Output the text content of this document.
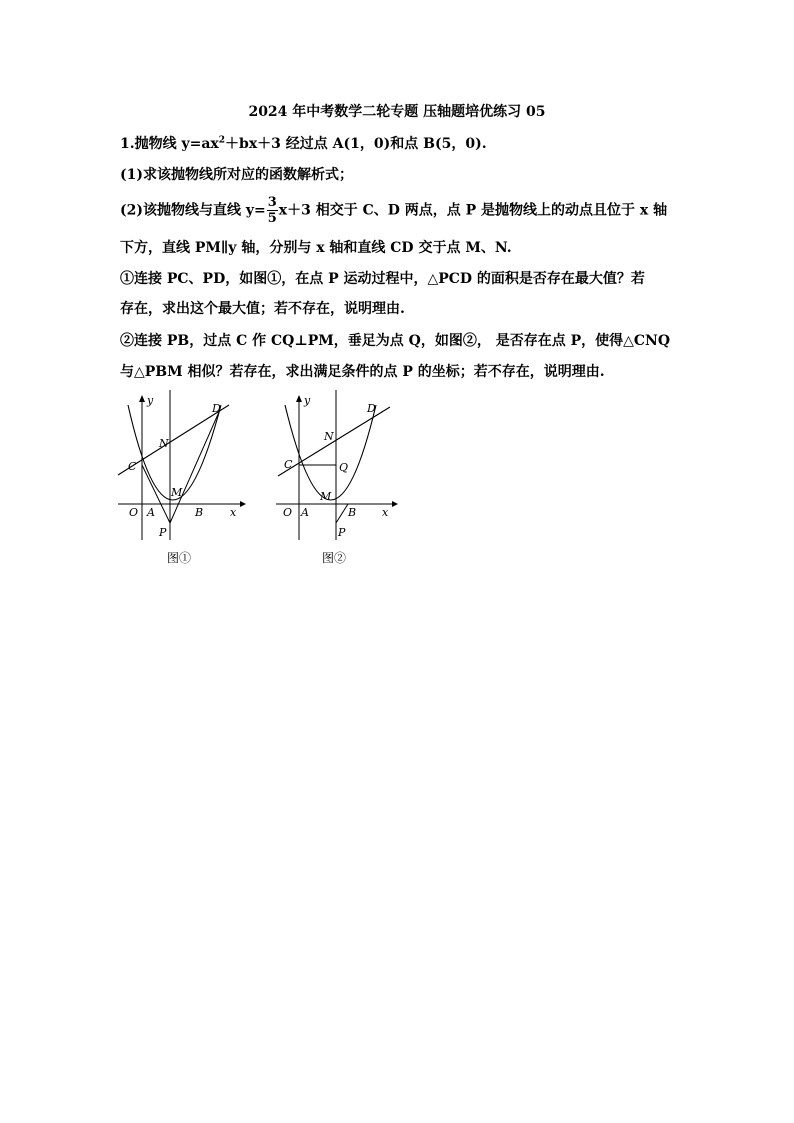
2024 年中考数学二轮专题 压轴题培优练习 05
1.抛物线 $y=ax^2+bx+3$ 经过点 A(1，0)和点 B(5，0).
(1)求该抛物线所对应的函数解析式；
(2)该抛物线与直线 $y= \frac{3}{5} x+3$ 相交于 C、D 两点，点 P 是抛物线上的动点且位于 x 轴
下方，直线 PM∥y 轴，分别与 x 轴和直线 CD 交于点 M、N.
①连接 PC、PD，如图①，在点 P 运动过程中，△PCD 的面积是否存在最大值？若
存在，求出这个最大值；若不存在，说明理由.
②连接 PB，过点 C 作 CQ⊥PM，垂足为点 Q，如图②， 是否存在点 P，使得△CNQ
与△PBM 相似？若存在，求出满足条件的点 P 的坐标；若不存在，说明理由.
y
x
O A	B
C
D
N
M
P
图①
y
x
O A	B
C
D
N
Q
M
P
图②
